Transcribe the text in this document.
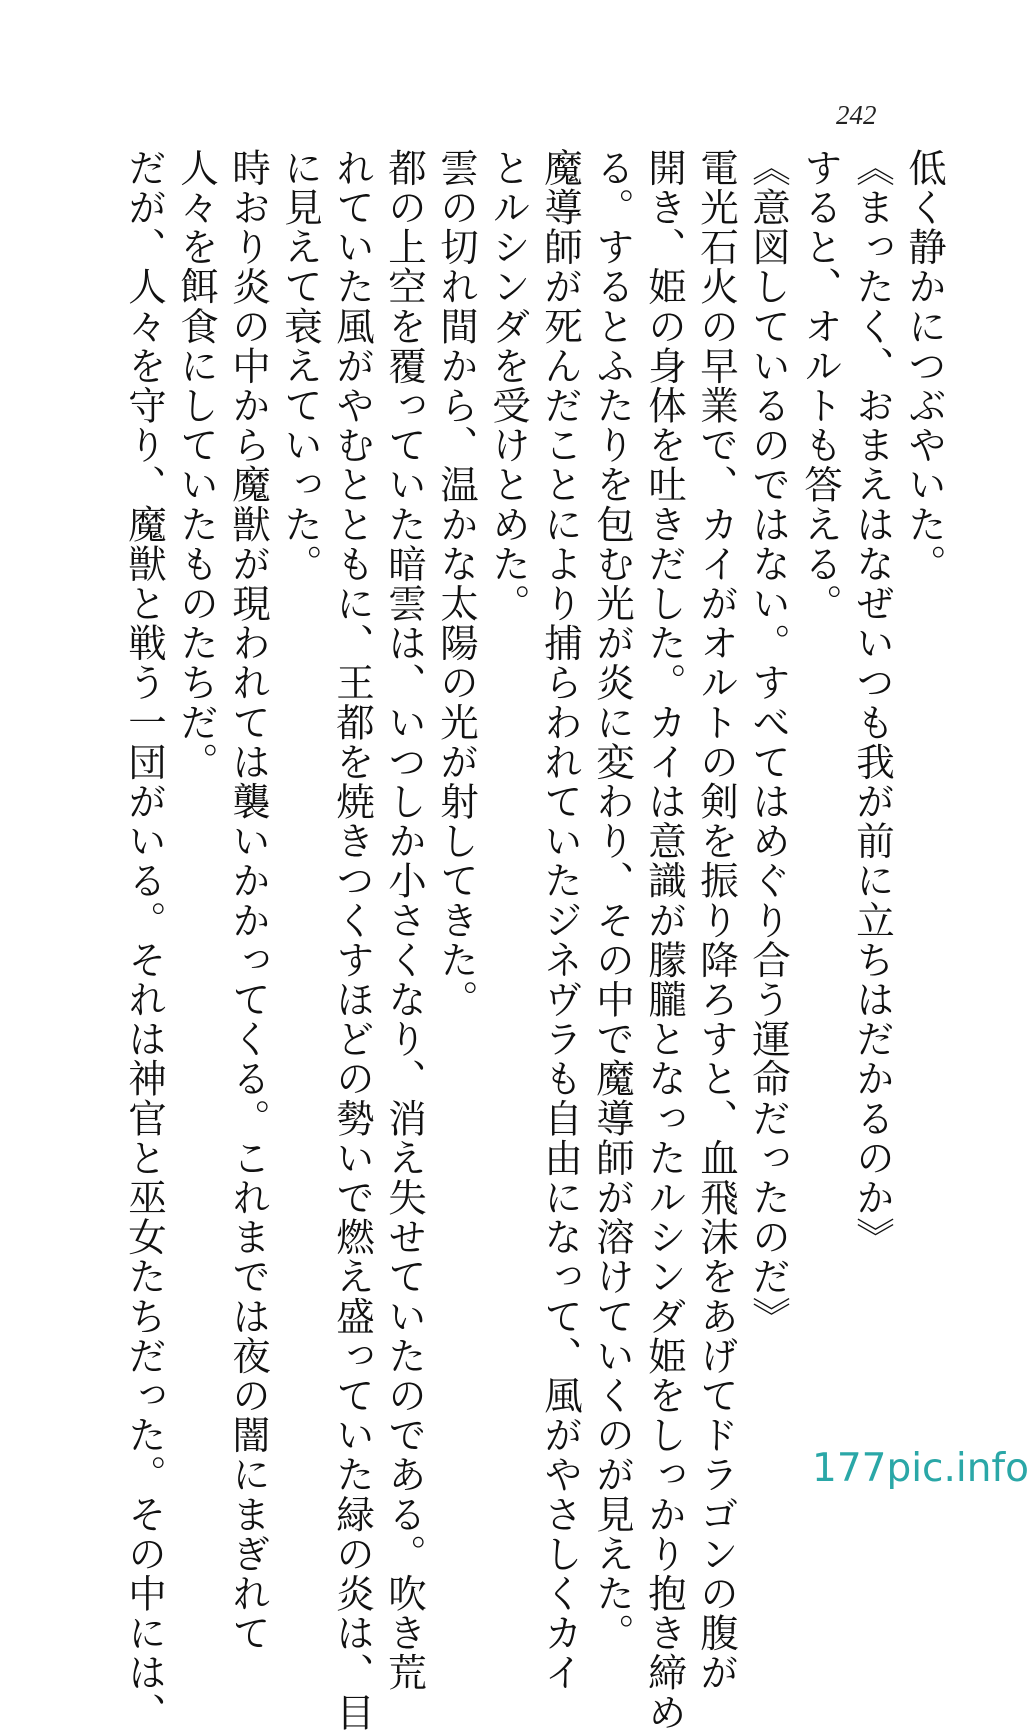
242

低く静かにつぶやいた。

《まったく、おまえはなぜいつも我が前に立ちはだかるのか》

すると、オルトも答える。

《意図しているのではない。すべてはめぐり合う運命だったのだ》

電光石火の早業で、カイがオルトの剣を振り降ろすと、血飛沫をあげてドラゴンの腹が

開き、姫の身体を吐きだした。カイは意識が朦朧となったルシンダ姫をしっかり抱き締め

る。するとふたりを包む光が炎に変わり、その中で魔導師が溶けていくのが見えた。

魔導師が死んだことにより捕らわれていたジネヴラも自由になって、風がやさしくカイ

とルシンダを受けとめた。

雲の切れ間から、温かな太陽の光が射してきた。

都の上空を覆っていた暗雲は、いつしか小さくなり、消え失せていたのである。吹き荒

れていた風がやむとともに、王都を焼きつくすほどの勢いで燃え盛っていた緑の炎は、目

に見えて衰えていった。

時おり炎の中から魔獣が現われては襲いかかってくる。これまでは夜の闇にまぎれて

人々を餌食にしていたものたちだ。

だが、人々を守り、魔獣と戦う一団がいる。それは神官と巫女たちだった。その中には、	177pic.info
